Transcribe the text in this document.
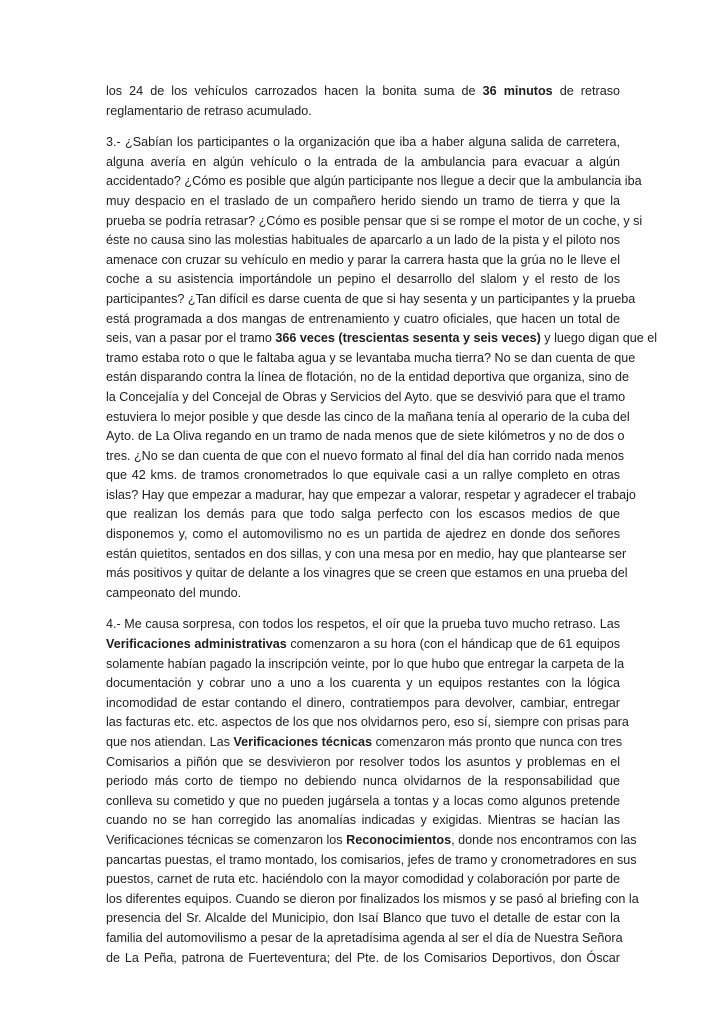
los 24 de los vehículos carrozados hacen la bonita suma de 36 minutos de retraso
reglamentario de retraso acumulado.
3.- ¿Sabían los participantes o la organización que iba a haber alguna salida de carretera,
alguna avería en algún vehículo o la entrada de la ambulancia para evacuar a algún
accidentado? ¿Cómo es posible que algún participante nos llegue a decir que la ambulancia iba
muy despacio en el traslado de un compañero herido siendo un tramo de tierra y que la
prueba se podría retrasar? ¿Cómo es posible pensar que si se rompe el motor de un coche, y si
éste no causa sino las molestias habituales de aparcarlo a un lado de la pista y el piloto nos
amenace con cruzar su vehículo en medio y parar la carrera hasta que la grúa no le lleve el
coche a su asistencia importándole un pepino el desarrollo del slalom y el resto de los
participantes? ¿Tan difícil es darse cuenta de que si hay sesenta y un participantes y la prueba
está programada a dos mangas de entrenamiento y cuatro oficiales, que hacen un total de
seis, van a pasar por el tramo 366 veces (trescientas sesenta y seis veces) y luego digan que el
tramo estaba roto o que le faltaba agua y se levantaba mucha tierra? No se dan cuenta de que
están disparando contra la línea de flotación, no de la entidad deportiva que organiza, sino de
la Concejalía y del Concejal de Obras y Servicios del Ayto. que se desvivió para que el tramo
estuviera lo mejor posible y que desde las cinco de la mañana tenía al operario de la cuba del
Ayto. de La Oliva regando en un tramo de nada menos que de siete kilómetros y no de dos o
tres. ¿No se dan cuenta de que con el nuevo formato al final del día han corrido nada menos
que 42 kms. de tramos cronometrados lo que equivale casi a un rallye completo en otras
islas? Hay que empezar a madurar, hay que empezar a valorar, respetar y agradecer el trabajo
que realizan los demás para que todo salga perfecto con los escasos medios de que
disponemos y, como el automovilismo no es un partida de ajedrez en donde dos señores
están quietitos, sentados en dos sillas, y con una mesa por en medio, hay que plantearse ser
más positivos y quitar de delante a los vinagres que se creen que estamos en una prueba del
campeonato del mundo.
4.- Me causa sorpresa, con todos los respetos, el oír que la prueba tuvo mucho retraso. Las
Verificaciones administrativas comenzaron a su hora (con el hándicap que de 61 equipos
solamente habían pagado la inscripción veinte, por lo que hubo que entregar la carpeta de la
documentación y cobrar uno a uno a los cuarenta y un equipos restantes con la lógica
incomodidad de estar contando el dinero, contratiempos para devolver, cambiar, entregar
las facturas etc. etc. aspectos de los que nos olvidarnos pero, eso sí, siempre con prisas para
que nos atiendan. Las Verificaciones técnicas comenzaron más pronto que nunca con tres
Comisarios a piñón que se desvivieron por resolver todos los asuntos y problemas en el
periodo más corto de tiempo no debiendo nunca olvidarnos de la responsabilidad que
conlleva su cometido y que no pueden jugársela a tontas y a locas como algunos pretende
cuando no se han corregido las anomalías indicadas y exigidas. Mientras se hacían las
Verificaciones técnicas se comenzaron los Reconocimientos, donde nos encontramos con las
pancartas puestas, el tramo montado, los comisarios, jefes de tramo y cronometradores en sus
puestos, carnet de ruta etc. haciéndolo con la mayor comodidad y colaboración por parte de
los diferentes equipos. Cuando se dieron por finalizados los mismos y se pasó al briefing con la
presencia del Sr. Alcalde del Municipio, don Isaí Blanco que tuvo el detalle de estar con la
familia del automovilismo a pesar de la apretadísima agenda al ser el día de Nuestra Señora
de La Peña, patrona de Fuerteventura; del Pte. de los Comisarios Deportivos, don Óscar
